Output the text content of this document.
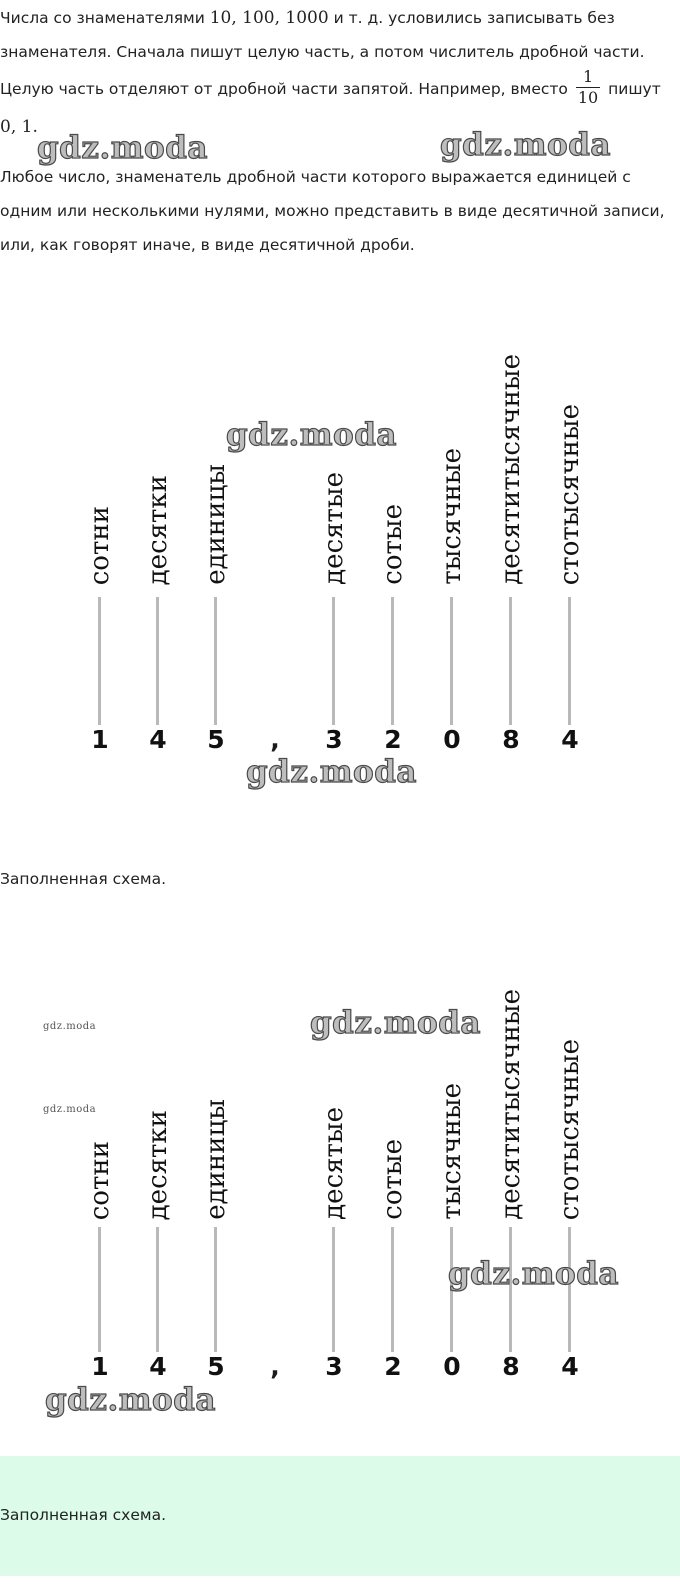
Числа со знаменателями 10, 100, 1000 и т. д. условились записывать без знаменателя. Сначала пишут целую часть, а потом числитель дробной части. Целую часть отделяют от дробной части запятой. Например, вместо $\frac{1}{10}$ пишут
0, 1.

Любое число, знаменатель дробной части которого выражается единицей с одним или несколькими нулями, можно представить в виде десятичной записи, или, как говорят иначе, в виде десятичной дроби.

сотни
1
десятки
4
единицы
5
десятые
3
сотые
2
тысячные
0
десятитысячные
8
стотысячные
4
,

Заполненная схема.

сотни
1
десятки
4
единицы
5
десятые
3
сотые
2
тысячные
0
десятитысячные
8
стотысячные
4
,

Заполненная схема.

gdz.moda	gdz.moda
gdz.moda
gdz.moda
gdz.moda
gdz.moda
gdz.moda
gdz.moda
gdz.moda
